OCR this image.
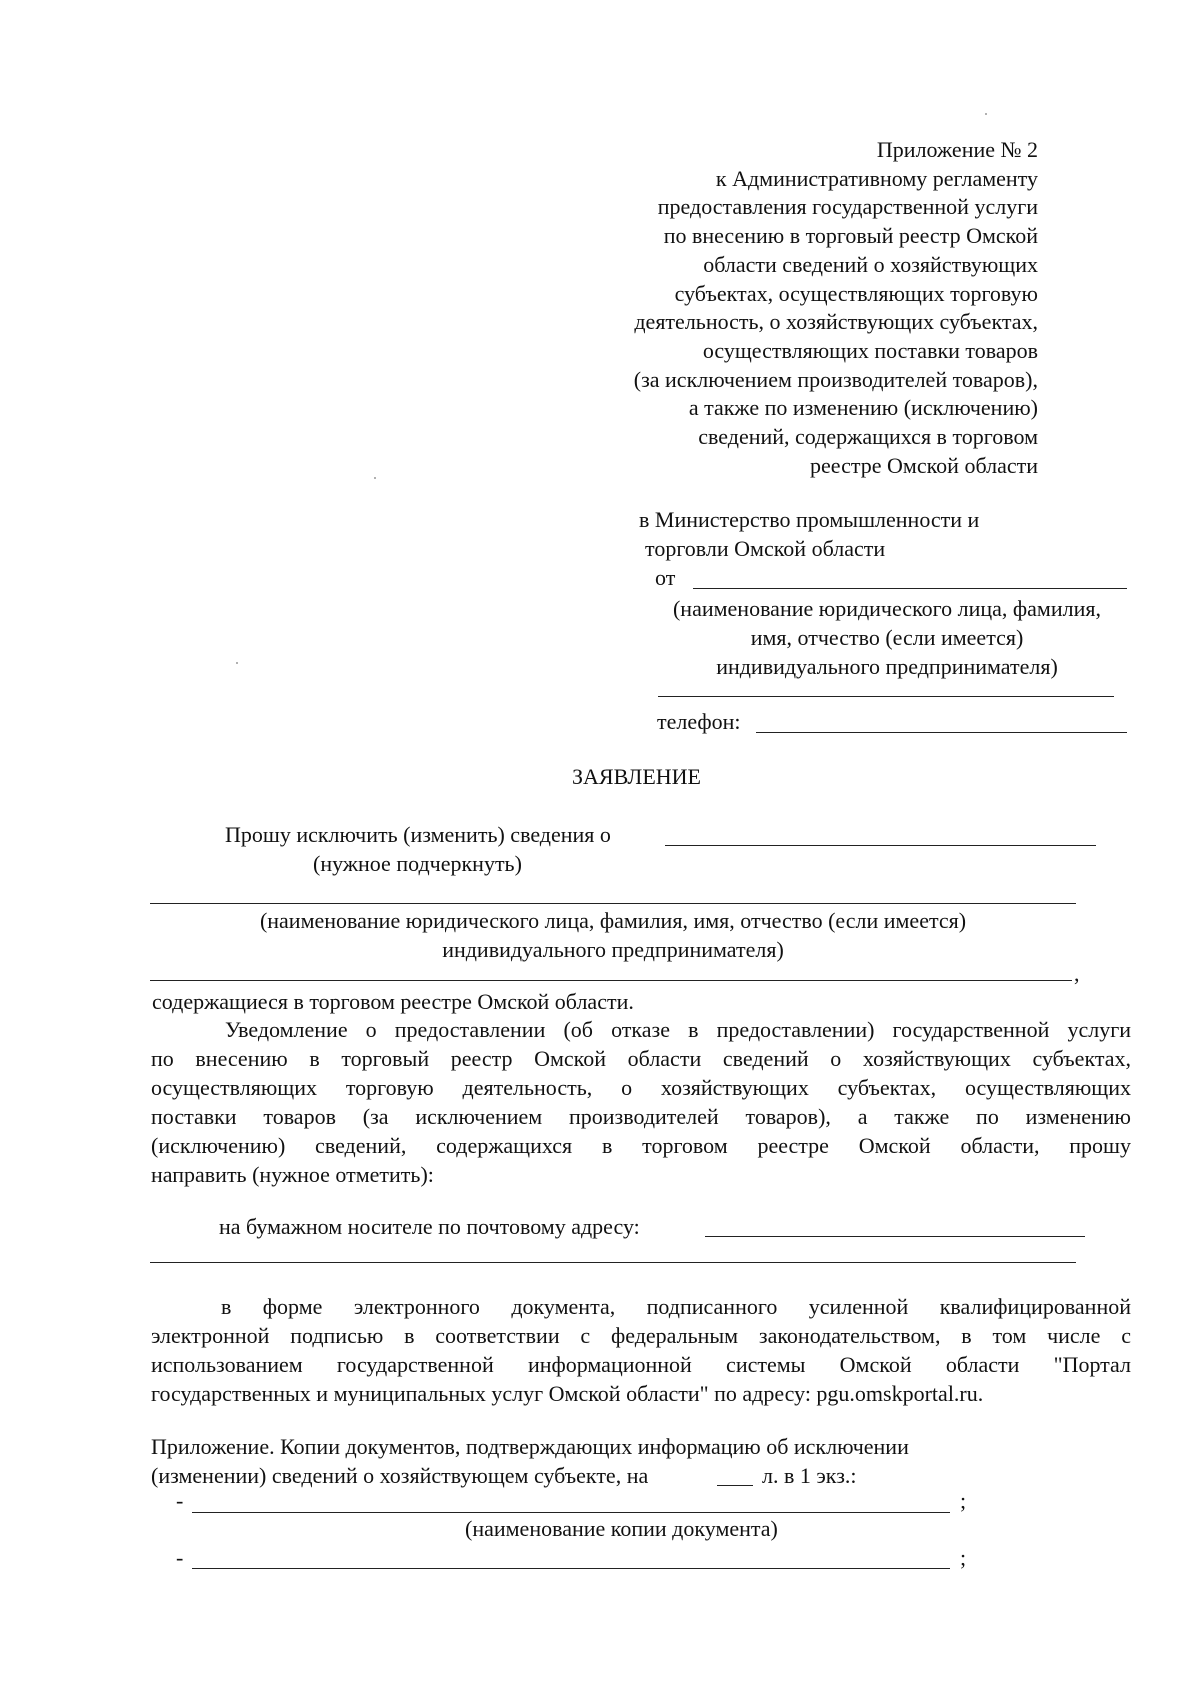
Приложение № 2
к Административному регламенту
предоставления государственной услуги
по внесению в торговый реестр Омской
области сведений о хозяйствующих
субъектах, осуществляющих торговую
деятельность, о хозяйствующих субъектах,
осуществляющих поставки товаров
(за исключением производителей товаров),
а также по изменению (исключению)
сведений, содержащихся в торговом
реестре Омской области
в Министерство промышленности и
торговли Омской области
от
(наименование юридического лица, фамилия,
имя, отчество (если имеется)
индивидуального предпринимателя)
телефон:
ЗАЯВЛЕНИЕ
Прошу исключить (изменить) сведения о
(нужное подчеркнуть)
(наименование юридического лица, фамилия, имя, отчество (если имеется)
индивидуального предпринимателя)
,
содержащиеся в торговом реестре Омской области.
Уведомление о предоставлении (об отказе в предоставлении) государственной услуги
по внесению в торговый реестр Омской области сведений о хозяйствующих субъектах,
осуществляющих торговую деятельность, о хозяйствующих субъектах, осуществляющих
поставки товаров (за исключением производителей товаров), а также по изменению
(исключению) сведений, содержащихся в торговом реестре Омской области, прошу
направить (нужное отметить):
на бумажном носителе по почтовому адресу:
в форме электронного документа, подписанного усиленной квалифицированной
электронной подписью в соответствии с федеральным законодательством, в том числе с
использованием государственной информационной системы Омской области "Портал
государственных и муниципальных услуг Омской области" по адресу: pgu.omskportal.ru.
Приложение. Копии документов, подтверждающих информацию об исключении
(изменении) сведений о хозяйствующем субъекте, на	л. в 1 экз.:
-	;
(наименование копии документа)
-	;
